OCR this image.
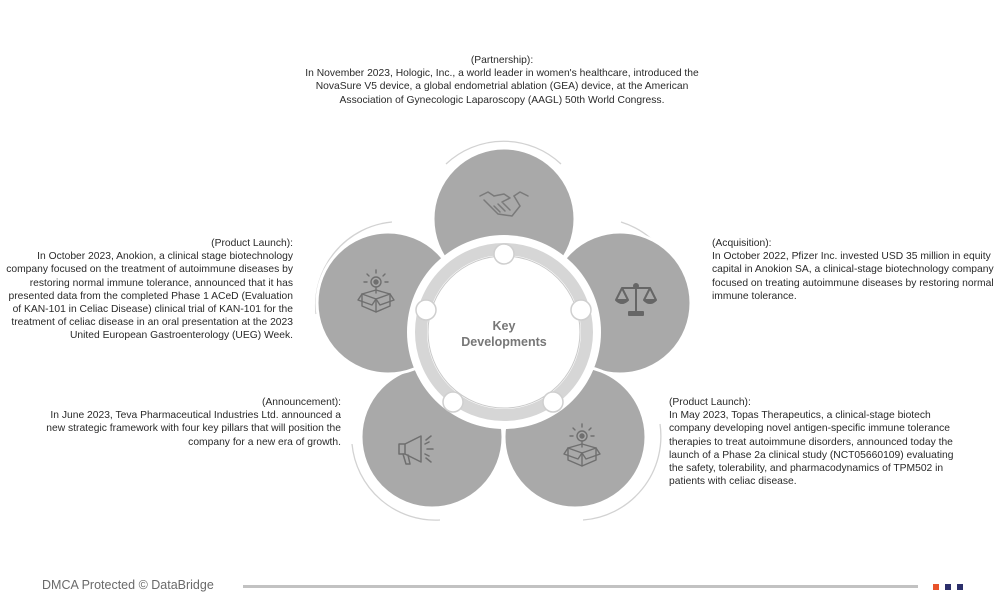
Key
Developments
(Partnership):
In November 2023, Hologic, Inc., a world leader in women's healthcare, introduced the NovaSure V5 device, a global endometrial ablation (GEA) device, at the American Association of Gynecologic Laparoscopy (AAGL) 50th World Congress.
(Acquisition):
In October 2022, Pfizer Inc. invested USD 35 million in equity capital in Anokion SA, a clinical-stage biotechnology company focused on treating autoimmune diseases by restoring normal immune tolerance.
(Product Launch):
In May 2023, Topas Therapeutics, a clinical-stage biotech company developing novel antigen-specific immune tolerance therapies to treat autoimmune disorders, announced today the launch of a Phase 2a clinical study (NCT05660109) evaluating the safety, tolerability, and pharmacodynamics of TPM502 in patients with celiac disease.
(Announcement):
In June 2023, Teva Pharmaceutical Industries Ltd. announced a new strategic framework with four key pillars that will position the company for a new era of growth.
(Product Launch):
In October 2023, Anokion, a clinical stage biotechnology company focused on the treatment of autoimmune diseases by restoring normal immune tolerance, announced that it has presented data from the completed Phase 1 ACeD (Evaluation of KAN-101 in Celiac Disease) clinical trial of KAN-101 for the treatment of celiac disease in an oral presentation at the 2023 United European Gastroenterology (UEG) Week.
DMCA Protected © DataBridge
